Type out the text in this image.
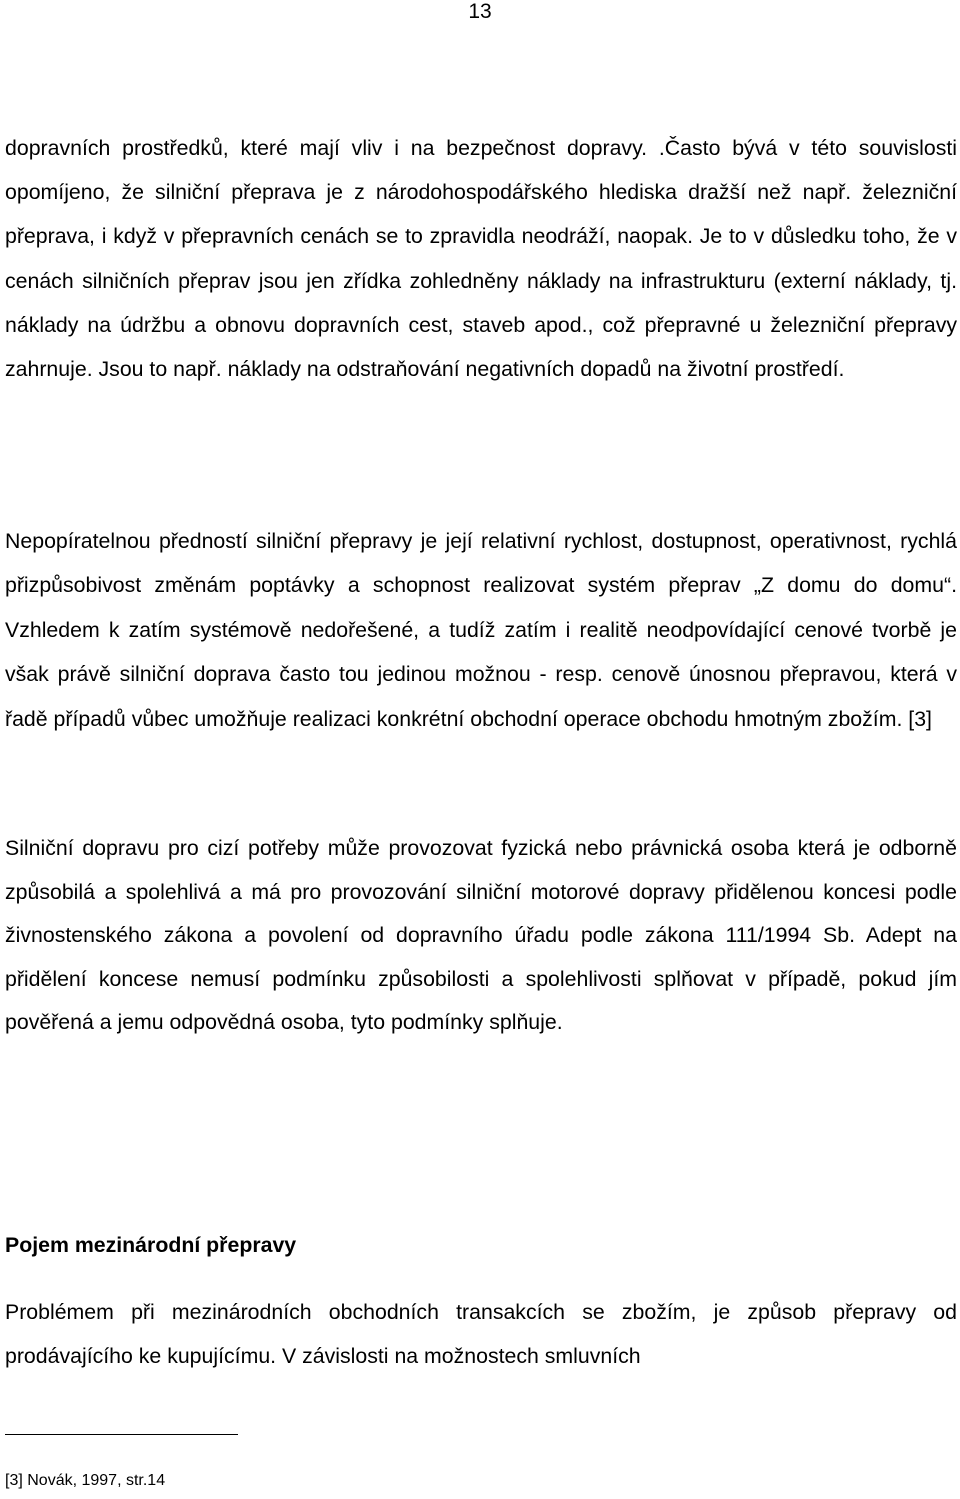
13

dopravních prostředků, které mají vliv i na bezpečnost dopravy. .Často bývá v této souvislosti opomíjeno, že silniční přeprava je z národohospodářského hlediska dražší než např. železniční přeprava, i když v přepravních cenách se to zpravidla neodráží, naopak. Je to v důsledku toho, že v cenách silničních přeprav jsou jen zřídka zohledněny náklady na infrastrukturu (externí náklady, tj. náklady na údržbu a obnovu dopravních cest, staveb apod., což přepravné u železniční přepravy zahrnuje. Jsou to např. náklady na odstraňování negativních dopadů na životní prostředí.

Nepopíratelnou předností silniční přepravy je její relativní rychlost, dostupnost, operativnost, rychlá přizpůsobivost změnám poptávky a schopnost realizovat systém přeprav „Z domu do domu“. Vzhledem k zatím systémově nedořešené, a tudíž zatím i realitě neodpovídající cenové tvorbě je však právě silniční doprava často tou jedinou možnou - resp. cenově únosnou přepravou, která v řadě případů vůbec umožňuje realizaci konkrétní obchodní operace obchodu hmotným zbožím. [3]

Silniční dopravu pro cizí potřeby může provozovat fyzická nebo právnická osoba která je odborně způsobilá a spolehlivá a má pro provozování silniční motorové dopravy přidělenou koncesi podle živnostenského zákona a povolení od dopravního úřadu podle zákona 111/1994 Sb. Adept na přidělení koncese nemusí podmínku způsobilosti a spolehlivosti splňovat v případě, pokud jím pověřená a jemu odpovědná osoba, tyto podmínky splňuje.

Pojem mezinárodní přepravy

Problémem při mezinárodních obchodních transakcích se zbožím, je způsob přepravy od prodávajícího ke kupujícímu. V závislosti na možnostech smluvních

[3] Novák, 1997, str.14
